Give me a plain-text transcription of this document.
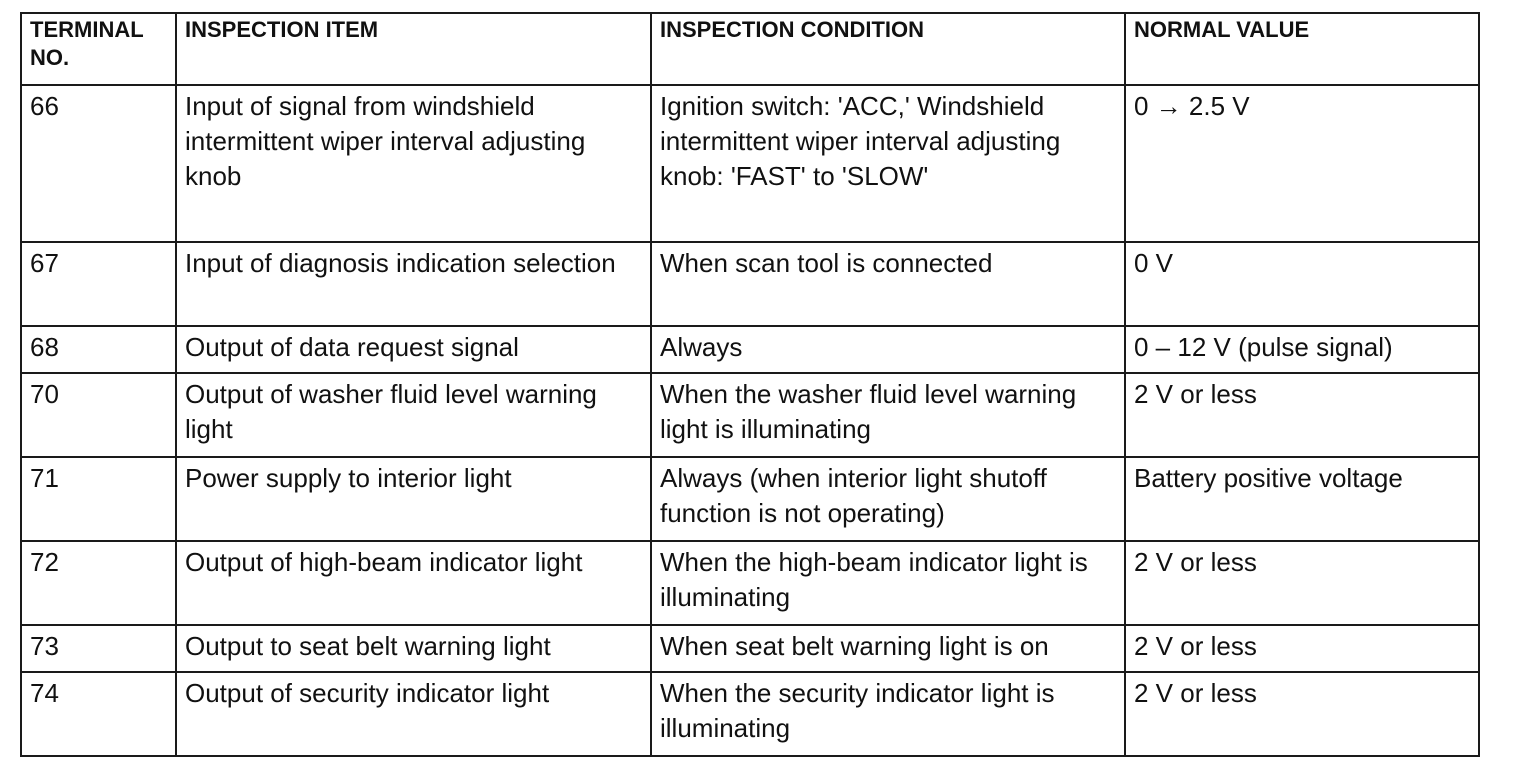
TERMINAL NO.	INSPECTION ITEM	INSPECTION CONDITION	NORMAL VALUE
66	Input of signal from windshield intermittent wiper interval adjusting knob	Ignition switch: 'ACC,' Windshield intermittent wiper interval adjusting knob: 'FAST' to 'SLOW'	0 → 2.5 V
67	Input of diagnosis indication selection	When scan tool is connected	0 V
68	Output of data request signal	Always	0 – 12 V (pulse signal)
70	Output of washer fluid level warning light	When the washer fluid level warning light is illuminating	2 V or less
71	Power supply to interior light	Always (when interior light shutoff function is not operating)	Battery positive voltage
72	Output of high-beam indicator light	When the high-beam indicator light is illuminating	2 V or less
73	Output to seat belt warning light	When seat belt warning light is on	2 V or less
74	Output of security indicator light	When the security indicator light is illuminating	2 V or less
